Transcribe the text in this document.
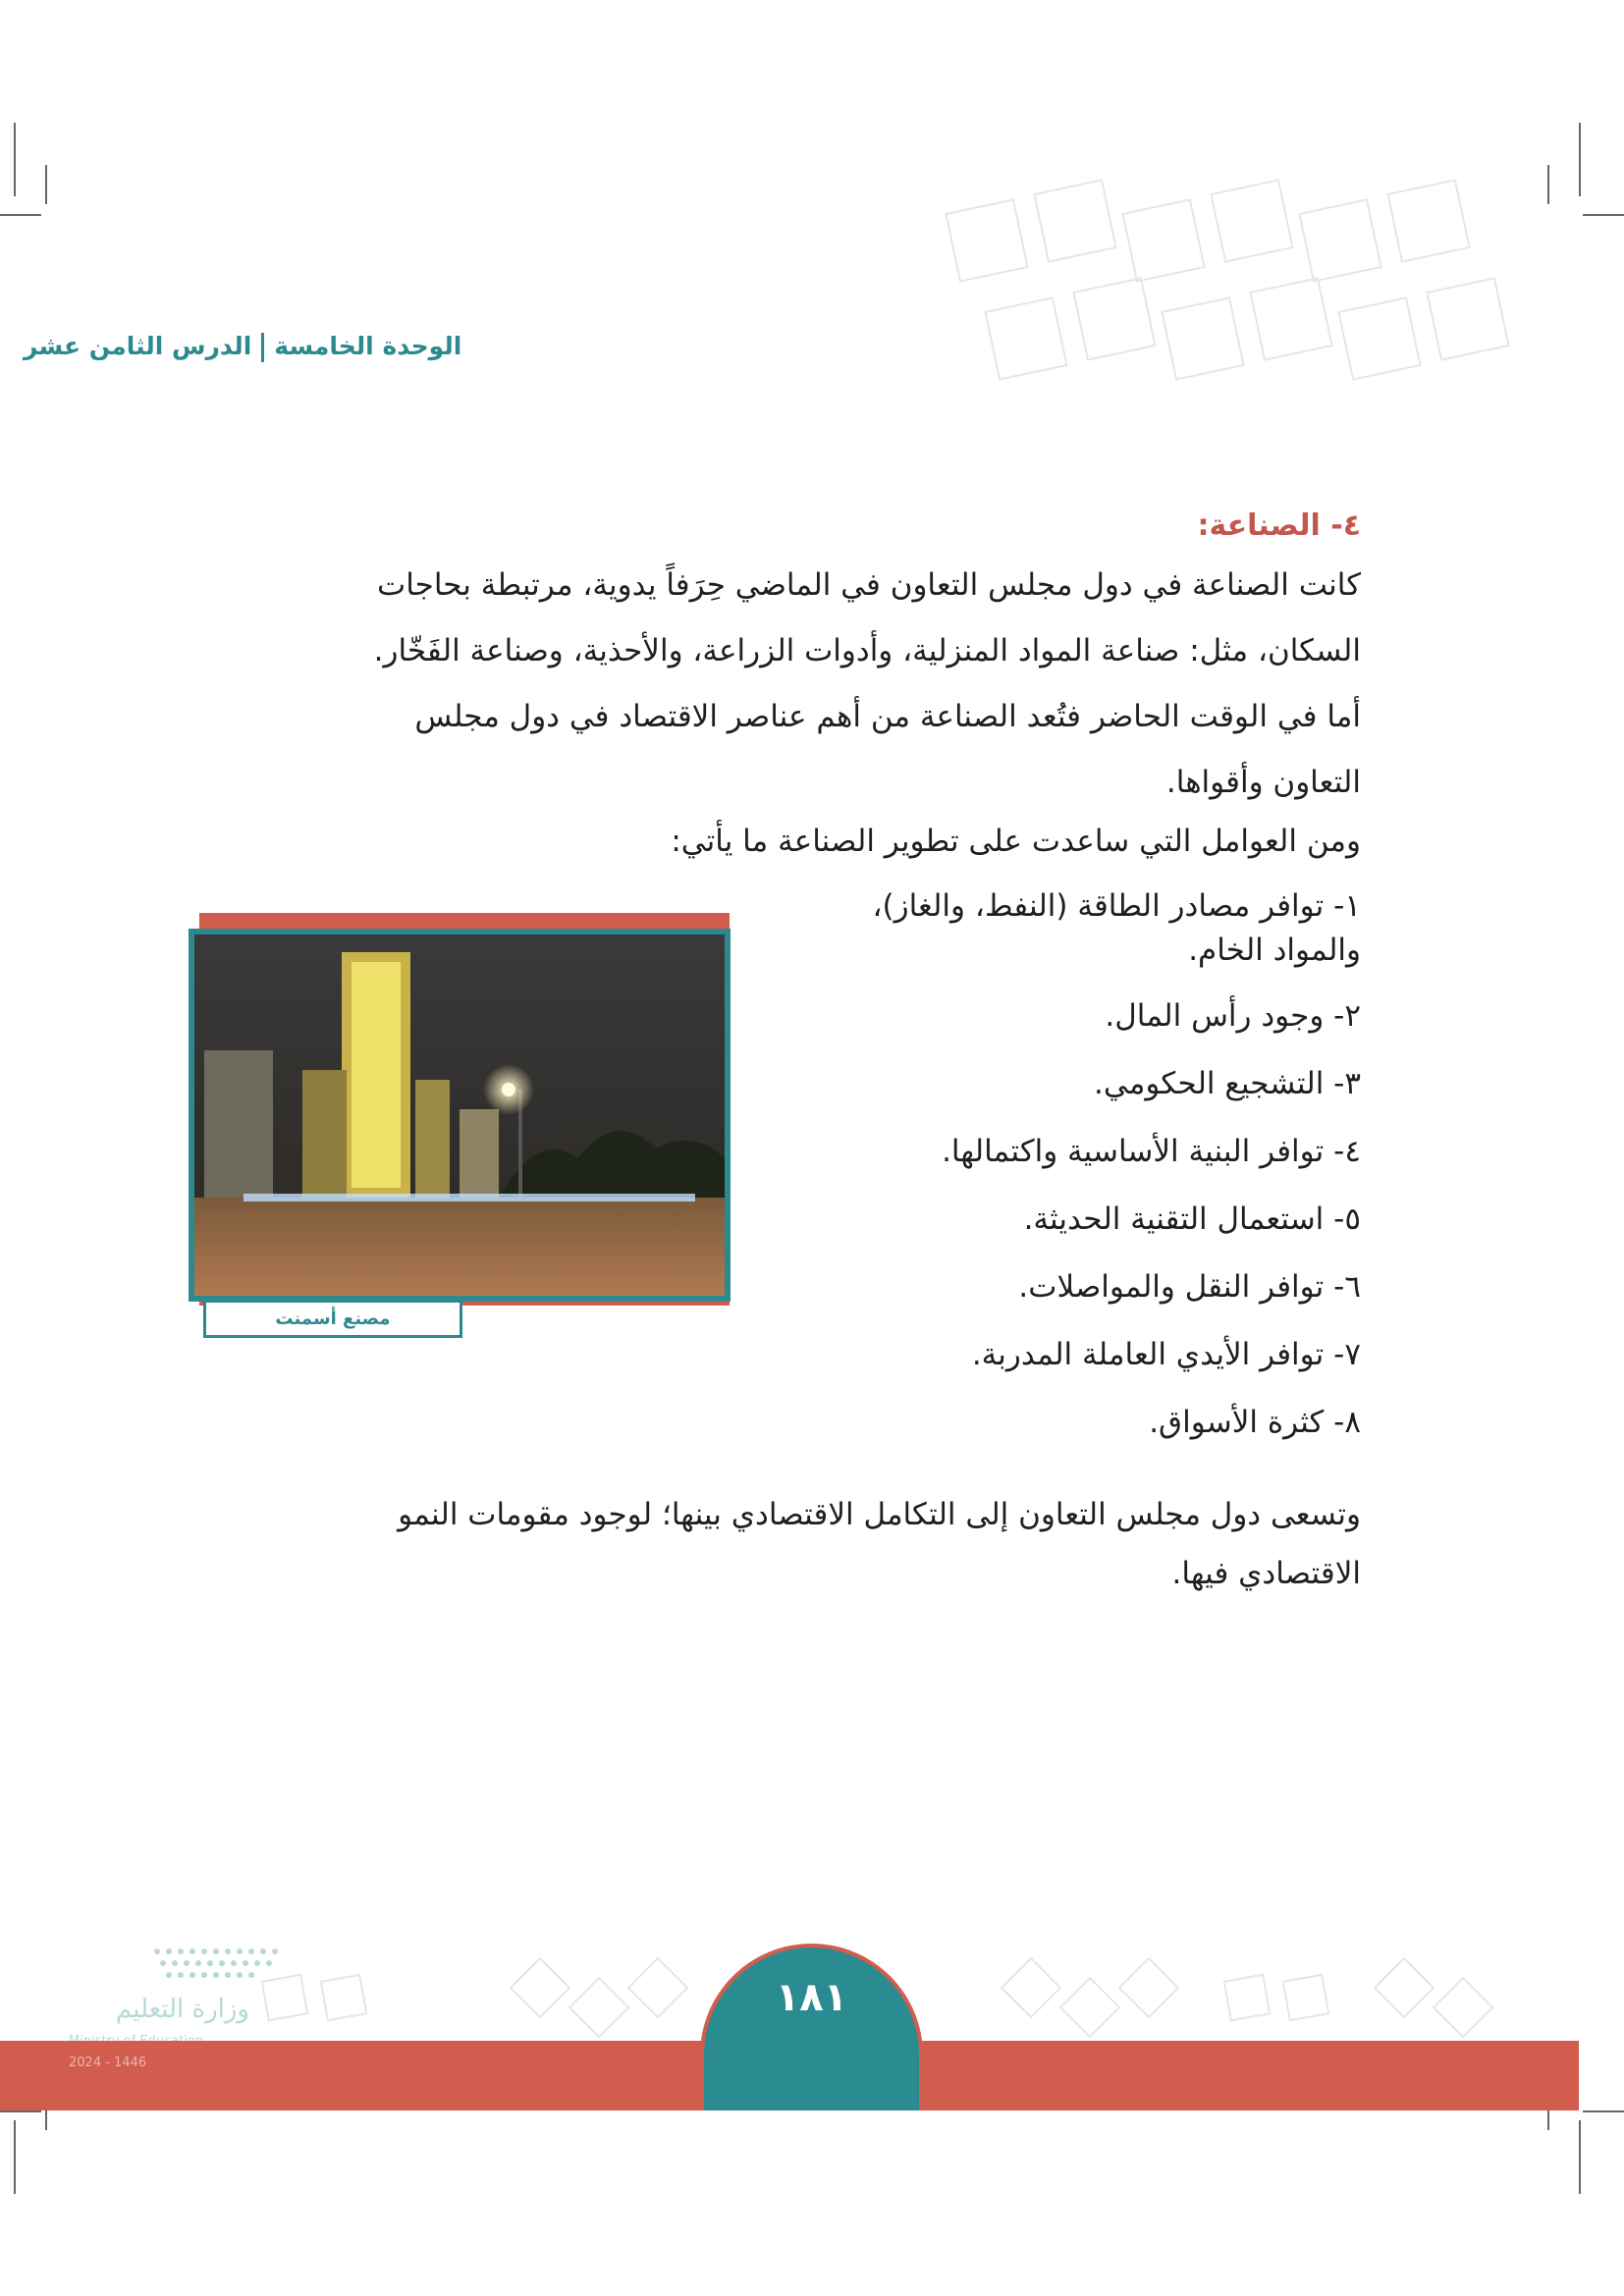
الوحدة الخامسةالدرس الثامن عشر
٤- الصناعة:
كانت الصناعة في دول مجلس التعاون في الماضي حِرَفاً يدوية، مرتبطة بحاجات
السكان، مثل: صناعة المواد المنزلية، وأدوات الزراعة، والأحذية، وصناعة الفَخّار.
أما في الوقت الحاضر فتُعد الصناعة من أهم عناصر الاقتصاد في دول مجلس
التعاون وأقواها.
ومن العوامل التي ساعدت على تطوير الصناعة ما يأتي:
١- توافر مصادر الطاقة (النفط، والغاز)،
والمواد الخام.
٢- وجود رأس المال.
٣- التشجيع الحكومي.
٤- توافر البنية الأساسية واكتمالها.
٥- استعمال التقنية الحديثة.
٦- توافر النقل والمواصلات.
٧- توافر الأيدي العاملة المدربة.
٨- كثرة الأسواق.
مصنع أسمنت
وتسعى دول مجلس التعاون إلى التكامل الاقتصادي بينها؛ لوجود مقومات النمو
الاقتصادي فيها.
وزارة التعليم
2024 - 1446
١٨١
